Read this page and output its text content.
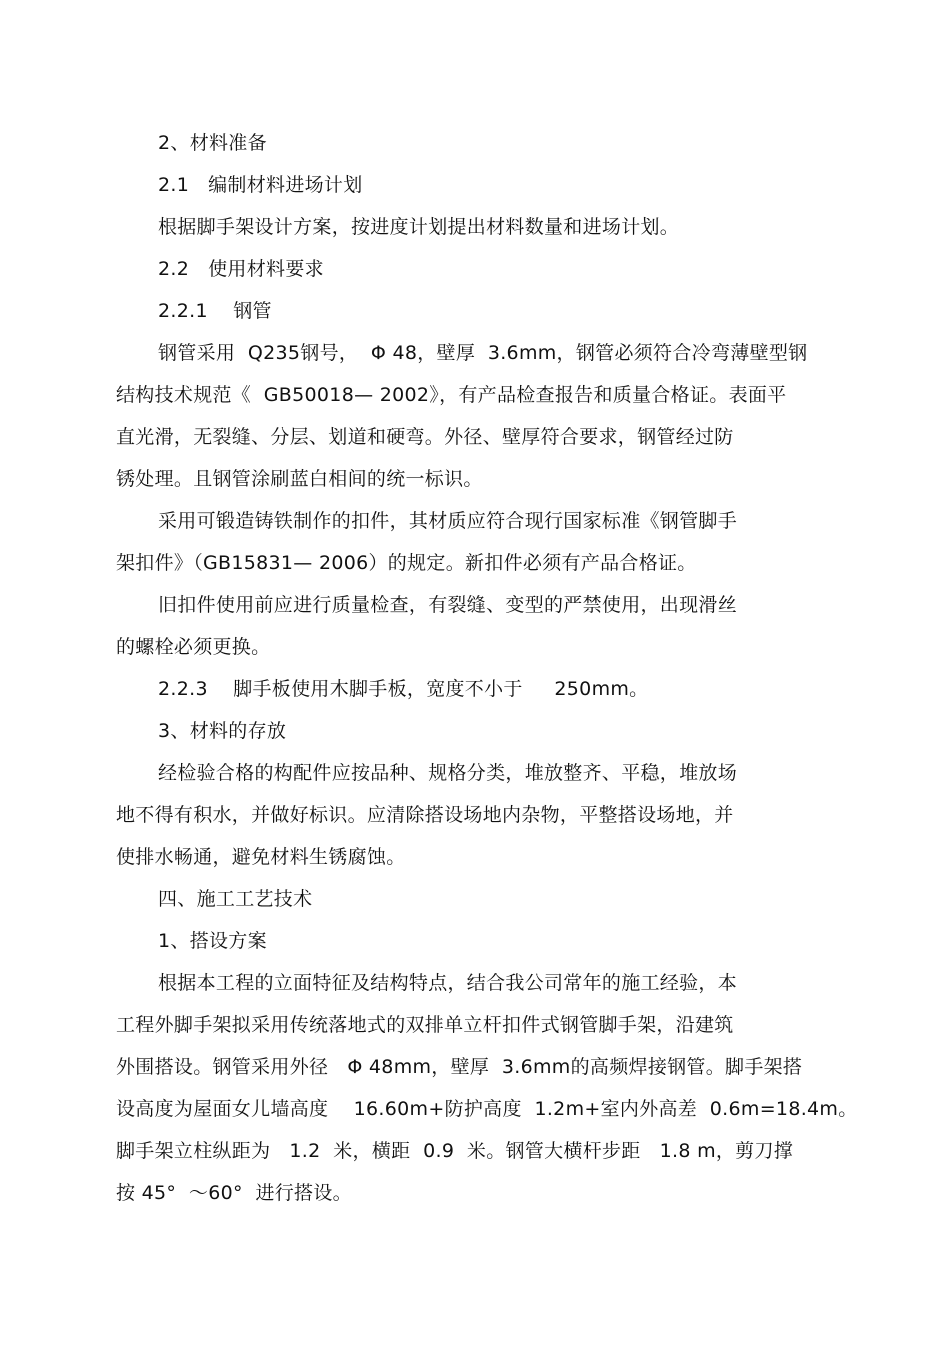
2、材料准备
2.1   编制材料进场计划
根据脚手架设计方案，按进度计划提出材料数量和进场计划。
2.2   使用材料要求
2.2.1    钢管
钢管采用  Q235钢号，  Φ 48，壁厚  3.6mm，钢管必须符合冷弯薄壁型钢
结构技术规范《  GB50018— 2002》，有产品检查报告和质量合格证。表面平
直光滑，无裂缝、分层、划道和硬弯。外径、壁厚符合要求，钢管经过防
锈处理。且钢管涂刷蓝白相间的统一标识。
采用可锻造铸铁制作的扣件，其材质应符合现行国家标准《钢管脚手
架扣件》（GB15831— 2006）的规定。新扣件必须有产品合格证。
旧扣件使用前应进行质量检查，有裂缝、变型的严禁使用，出现滑丝
的螺栓必须更换。
2.2.3    脚手板使用木脚手板，宽度不小于     250mm。
3、材料的存放
经检验合格的构配件应按品种、规格分类，堆放整齐、平稳，堆放场
地不得有积水，并做好标识。应清除搭设场地内杂物，平整搭设场地，并
使排水畅通，避免材料生锈腐蚀。
四、施工工艺技术
1、搭设方案
根据本工程的立面特征及结构特点，结合我公司常年的施工经验，本
工程外脚手架拟采用传统落地式的双排单立杆扣件式钢管脚手架，沿建筑
外围搭设。钢管采用外径   Φ 48mm，壁厚  3.6mm的高频焊接钢管。脚手架搭
设高度为屋面女儿墙高度    16.60m+防护高度  1.2m+室内外高差  0.6m=18.4m。
脚手架立柱纵距为   1.2  米，横距  0.9  米。钢管大横杆步距   1.8 m，剪刀撑
按 45°  ～60°  进行搭设。
